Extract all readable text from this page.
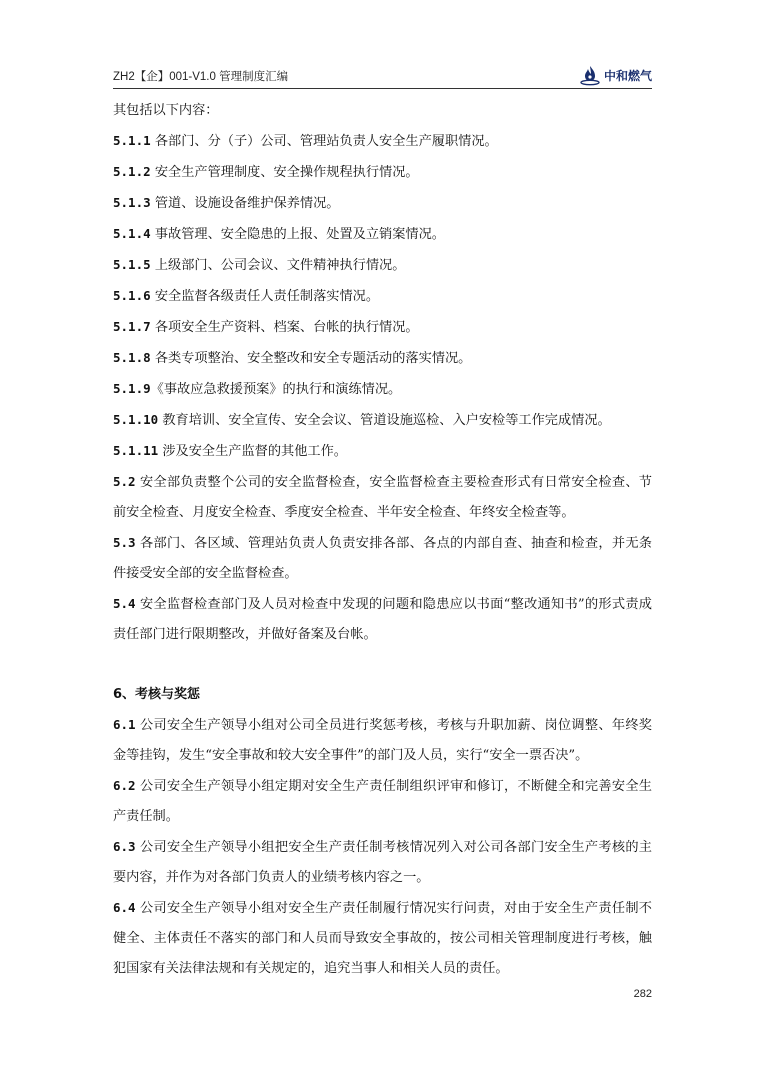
ZH2【企】001-V1.0 管理制度汇编	中和燃气

其包括以下内容：

5.1.1 各部门、分（子）公司、管理站负责人安全生产履职情况。

5.1.2 安全生产管理制度、安全操作规程执行情况。

5.1.3 管道、设施设备维护保养情况。

5.1.4 事故管理、安全隐患的上报、处置及立销案情况。

5.1.5 上级部门、公司会议、文件精神执行情况。

5.1.6 安全监督各级责任人责任制落实情况。

5.1.7 各项安全生产资料、档案、台帐的执行情况。

5.1.8 各类专项整治、安全整改和安全专题活动的落实情况。

5.1.9《事故应急救援预案》的执行和演练情况。

5.1.10 教育培训、安全宣传、安全会议、管道设施巡检、入户安检等工作完成情况。

5.1.11 涉及安全生产监督的其他工作。

5.2 安全部负责整个公司的安全监督检查，安全监督检查主要检查形式有日常安全检查、节前安全检查、月度安全检查、季度安全检查、半年安全检查、年终安全检查等。

5.3 各部门、各区域、管理站负责人负责安排各部、各点的内部自查、抽查和检查，并无条件接受安全部的安全监督检查。

5.4 安全监督检查部门及人员对检查中发现的问题和隐患应以书面“整改通知书”的形式责成责任部门进行限期整改，并做好备案及台帐。

6、考核与奖惩

6.1 公司安全生产领导小组对公司全员进行奖惩考核，考核与升职加薪、岗位调整、年终奖金等挂钩，发生“安全事故和较大安全事件”的部门及人员，实行“安全一票否决”。

6.2 公司安全生产领导小组定期对安全生产责任制组织评审和修订，不断健全和完善安全生产责任制。

6.3 公司安全生产领导小组把安全生产责任制考核情况列入对公司各部门安全生产考核的主要内容，并作为对各部门负责人的业绩考核内容之一。

6.4 公司安全生产领导小组对安全生产责任制履行情况实行问责，对由于安全生产责任制不健全、主体责任不落实的部门和人员而导致安全事故的，按公司相关管理制度进行考核，触犯国家有关法律法规和有关规定的，追究当事人和相关人员的责任。

282
